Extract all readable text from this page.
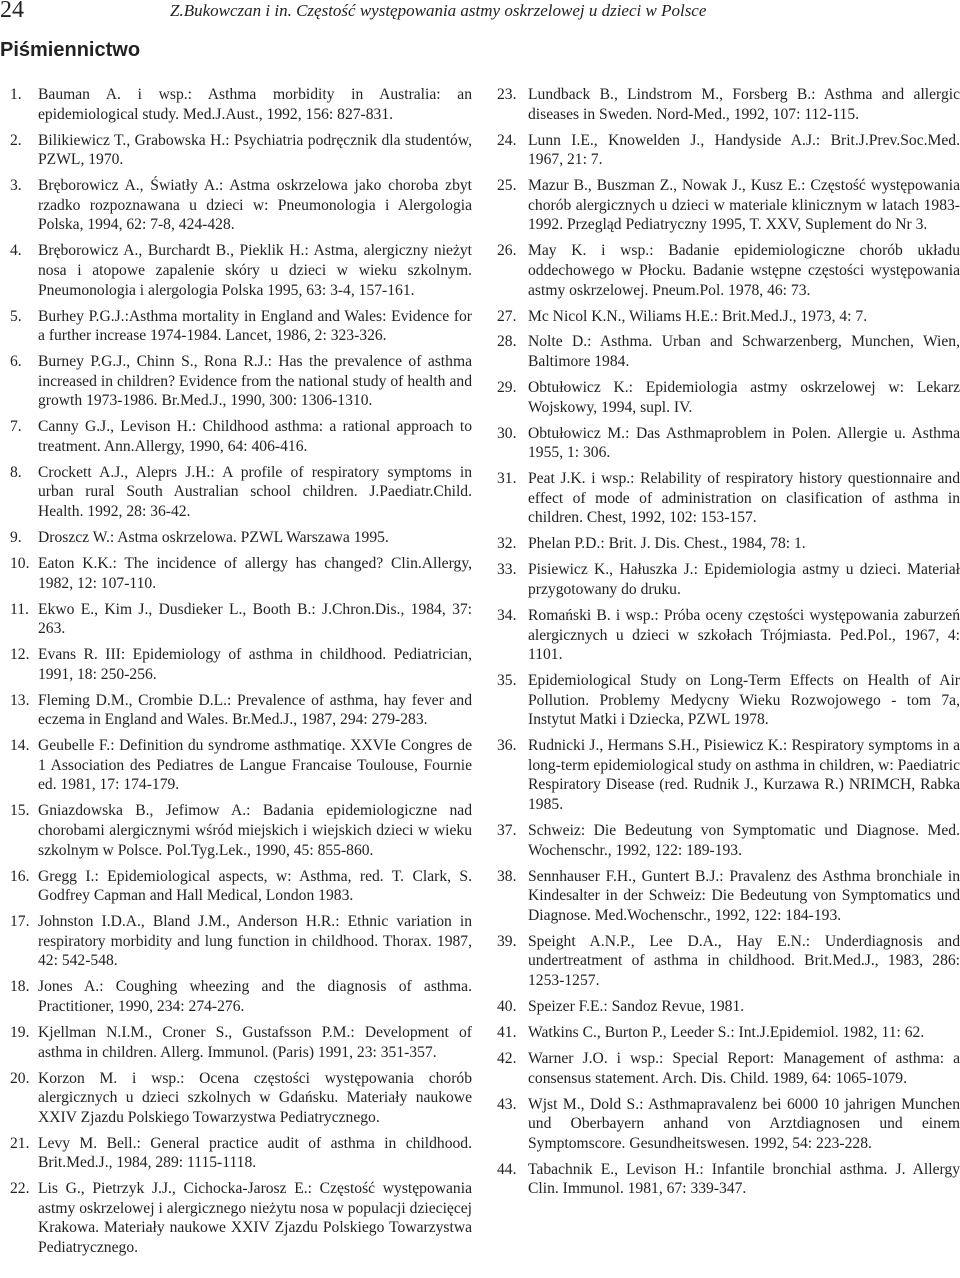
24	Z.Bukowczan i in. Częstość występowania astmy oskrzelowej u dzieci w Polsce
Piśmiennictwo
1. Bauman A. i wsp.: Asthma morbidity in Australia: an epidemiological study. Med.J.Aust., 1992, 156: 827-831.
2. Bilikiewicz T., Grabowska H.: Psychiatria podręcznik dla studentów, PZWL, 1970.
3. Bręborowicz A., Światły A.: Astma oskrzelowa jako choroba zbyt rzadko rozpoznawana u dzieci w: Pneumonologia i Alergologia Polska, 1994, 62: 7-8, 424-428.
4. Bręborowicz A., Burchardt B., Pieklik H.: Astma, alergiczny nieżyt nosa i atopowe zapalenie skóry u dzieci w wieku szkolnym. Pneumonologia i alergologia Polska 1995, 63: 3-4, 157-161.
5. Burhey P.G.J.:Asthma mortality in England and Wales: Evidence for a further increase 1974-1984. Lancet, 1986, 2: 323-326.
6. Burney P.G.J., Chinn S., Rona R.J.: Has the prevalence of asthma increased in children? Evidence from the national study of health and growth 1973-1986. Br.Med.J., 1990, 300: 1306-1310.
7. Canny G.J., Levison H.: Childhood asthma: a rational approach to treatment. Ann.Allergy, 1990, 64: 406-416.
8. Crockett A.J., Aleprs J.H.: A profile of respiratory symptoms in urban rural South Australian school children. J.Paediatr.Child. Health. 1992, 28: 36-42.
9. Droszcz W.: Astma oskrzelowa. PZWL Warszawa 1995.
10. Eaton K.K.: The incidence of allergy has changed? Clin.Allergy, 1982, 12: 107-110.
11. Ekwo E., Kim J., Dusdieker L., Booth B.: J.Chron.Dis., 1984, 37: 263.
12. Evans R. III: Epidemiology of asthma in childhood. Pediatrician, 1991, 18: 250-256.
13. Fleming D.M., Crombie D.L.: Prevalence of asthma, hay fever and eczema in England and Wales. Br.Med.J., 1987, 294: 279-283.
14. Geubelle F.: Definition du syndrome asthmatiqe. XXVIe Congres de 1 Association des Pediatres de Langue Francaise Toulouse, Fournie ed. 1981, 17: 174-179.
15. Gniazdowska B., Jefimow A.: Badania epidemiologiczne nad chorobami alergicznymi wśród miejskich i wiejskich dzieci w wieku szkolnym w Polsce. Pol.Tyg.Lek., 1990, 45: 855-860.
16. Gregg I.: Epidemiological aspects, w: Asthma, red. T. Clark, S. Godfrey Capman and Hall Medical, London 1983.
17. Johnston I.D.A., Bland J.M., Anderson H.R.: Ethnic variation in respiratory morbidity and lung function in childhood. Thorax. 1987, 42: 542-548.
18. Jones A.: Coughing wheezing and the diagnosis of asthma. Practitioner, 1990, 234: 274-276.
19. Kjellman N.I.M., Croner S., Gustafsson P.M.: Development of asthma in children. Allerg. Immunol. (Paris) 1991, 23: 351-357.
20. Korzon M. i wsp.: Ocena częstości występowania chorób alergicznych u dzieci szkolnych w Gdańsku. Materiały naukowe XXIV Zjazdu Polskiego Towarzystwa Pediatrycznego.
21. Levy M. Bell.: General practice audit of asthma in childhood. Brit.Med.J., 1984, 289: 1115-1118.
22. Lis G., Pietrzyk J.J., Cichocka-Jarosz E.: Częstość występowania astmy oskrzelowej i alergicznego nieżytu nosa w populacji dziecięcej Krakowa. Materiały naukowe XXIV Zjazdu Polskiego Towarzystwa Pediatrycznego.
23. Lundback B., Lindstrom M., Forsberg B.: Asthma and allergic diseases in Sweden. Nord-Med., 1992, 107: 112-115.
24. Lunn I.E., Knowelden J., Handyside A.J.: Brit.J.Prev.Soc.Med. 1967, 21: 7.
25. Mazur B., Buszman Z., Nowak J., Kusz E.: Częstość występowania chorób alergicznych u dzieci w materiale klinicznym w latach 1983-1992. Przegląd Pediatryczny 1995, T. XXV, Suplement do Nr 3.
26. May K. i wsp.: Badanie epidemiologiczne chorób układu oddechowego w Płocku. Badanie wstępne częstości występowania astmy oskrzelowej. Pneum.Pol. 1978, 46: 73.
27. Mc Nicol K.N., Wiliams H.E.: Brit.Med.J., 1973, 4: 7.
28. Nolte D.: Asthma. Urban and Schwarzenberg, Munchen, Wien, Baltimore 1984.
29. Obtułowicz K.: Epidemiologia astmy oskrzelowej w: Lekarz Wojskowy, 1994, supl. IV.
30. Obtułowicz M.: Das Asthmaproblem in Polen. Allergie u. Asthma 1955, 1: 306.
31. Peat J.K. i wsp.: Relability of respiratory history questionnaire and effect of mode of administration on clasification of asthma in children. Chest, 1992, 102: 153-157.
32. Phelan P.D.: Brit. J. Dis. Chest., 1984, 78: 1.
33. Pisiewicz K., Hałuszka J.: Epidemiologia astmy u dzieci. Materiał przygotowany do druku.
34. Romański B. i wsp.: Próba oceny częstości występowania zaburzeń alergicznych u dzieci w szkołach Trójmiasta. Ped.Pol., 1967, 4: 1101.
35. Epidemiological Study on Long-Term Effects on Health of Air Pollution. Problemy Medycny Wieku Rozwojowego - tom 7a, Instytut Matki i Dziecka, PZWL 1978.
36. Rudnicki J., Hermans S.H., Pisiewicz K.: Respiratory symptoms in a long-term epidemiological study on asthma in children, w: Paediatric Respiratory Disease (red. Rudnik J., Kurzawa R.) NRIMCH, Rabka 1985.
37. Schweiz: Die Bedeutung von Symptomatic und Diagnose. Med. Wochenschr., 1992, 122: 189-193.
38. Sennhauser F.H., Guntert B.J.: Pravalenz des Asthma bronchiale in Kindesalter in der Schweiz: Die Bedeutung von Symptomatics und Diagnose. Med.Wochenschr., 1992, 122: 184-193.
39. Speight A.N.P., Lee D.A., Hay E.N.: Underdiagnosis and undertreatment of asthma in childhood. Brit.Med.J., 1983, 286: 1253-1257.
40. Speizer F.E.: Sandoz Revue, 1981.
41. Watkins C., Burton P., Leeder S.: Int.J.Epidemiol. 1982, 11: 62.
42. Warner J.O. i wsp.: Special Report: Management of asthma: a consensus statement. Arch. Dis. Child. 1989, 64: 1065-1079.
43. Wjst M., Dold S.: Asthmapravalenz bei 6000 10 jahrigen Munchen und Oberbayern anhand von Arztdiagnosen und einem Symptomscore. Gesundheitswesen. 1992, 54: 223-228.
44. Tabachnik E., Levison H.: Infantile bronchial asthma. J. Allergy Clin. Immunol. 1981, 67: 339-347.
